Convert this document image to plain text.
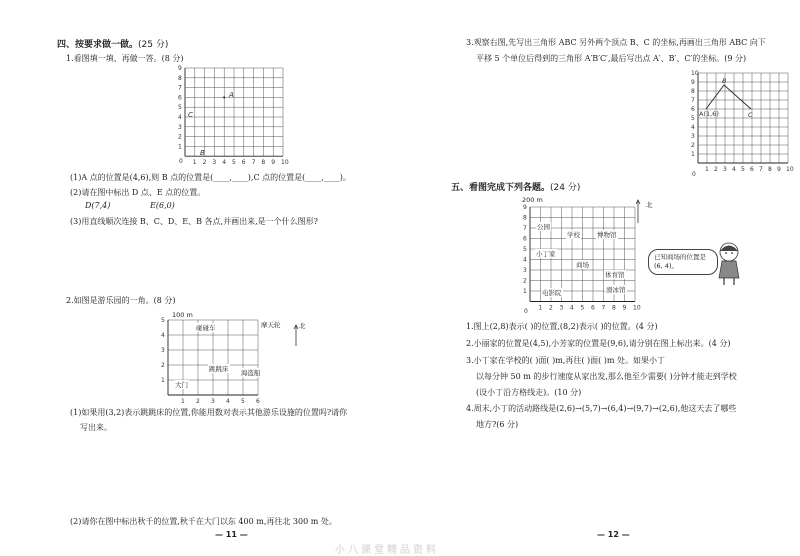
四、按要求做一做。(25 分)
1.看图填一填、再做一答。(8 分)
1 2 3 4 5 6 7 8 9 10
1
2
3
4
5
6
7
8
9
0
A
C
B
(1)A 点的位置是(4,6),则 B 点的位置是(____,____),C 点的位置是(____,____)。
(2)请在图中标出 D 点、E 点的位置。
D(7,4)	E(6,0)
(3)用直线顺次连接 B、C、D、E、B 各点,并画出来,是一个什么图形?
2.如图是游乐园的一角。(8 分)
100 m
1 2 3 4 5 6
1
2
3
4
5
北
碰碰车	摩天轮
跳跳床 海盗船
大门
(1)如果用(3,2)表示跳跳床的位置,你能用数对表示其他游乐设施的位置吗?请你
写出来。
(2)请你在图中标出秋千的位置,秋千在大门以东 400 m,再往北 300 m 处。
— 11 —
小八课堂精品资料
3.观察右图,先写出三角形 ABC 另外两个顶点 B、C 的坐标,再画出三角形 ABC 向下
平移 5 个单位后得到的三角形 A′B′C′,最后写出点 A′、B′、C′的坐标。(9 分)
1 2 3 4 5 6 7 8 9 10
1
2
3
4
5
6
7
8
9
10
0
A(1,6)
B
C
五、看图完成下列各题。(24 分)
200 m
1 2 3 4 5 6 7 8 9 10
1
2
3
4
5
6
7
8
9
0
北
公园
学校	博物馆
小丁家
商场
体育馆
电影院	滑冰馆
已知商场的位置是(6, 4)。
1.图上(2,8)表示( )的位置,(8,2)表示( )的位置。(4 分)
2.小丽家的位置是(4,5),小芳家的位置是(9,6),请分别在图上标出来。(4 分)
3.小丁家在学校的( )面( )m,再往( )面( )m 处。如果小丁
以每分钟 50 m 的步行速度从家出发,那么他至少需要( )分钟才能走到学校
(设小丁沿方格线走)。(10 分)
4.周末,小丁的活动路线是(2,6)→(5,7)→(6,4)→(9,7)→(2,6),他这天去了哪些
地方?(6 分)
— 12 —
